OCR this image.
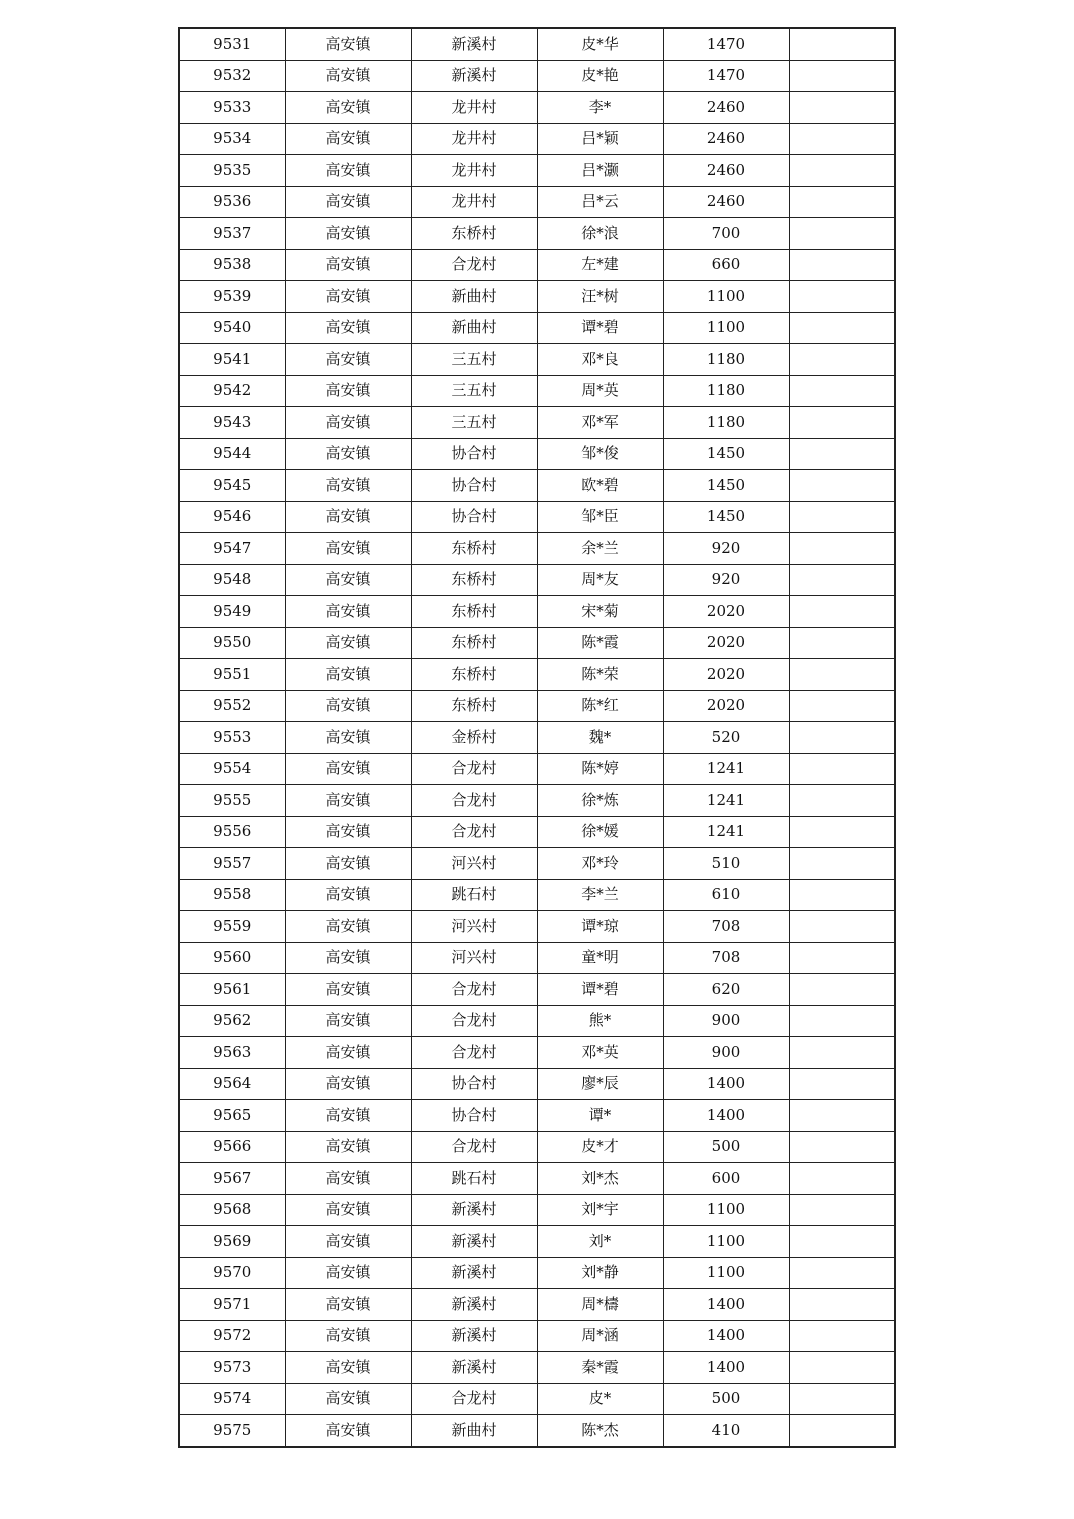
9531	高安镇	新溪村	皮*华	1470	
9532	高安镇	新溪村	皮*艳	1470	
9533	高安镇	龙井村	李*	2460	
9534	高安镇	龙井村	吕*颖	2460	
9535	高安镇	龙井村	吕*灏	2460	
9536	高安镇	龙井村	吕*云	2460	
9537	高安镇	东桥村	徐*浪	700	
9538	高安镇	合龙村	左*建	660	
9539	高安镇	新曲村	汪*树	1100	
9540	高安镇	新曲村	谭*碧	1100	
9541	高安镇	三五村	邓*良	1180	
9542	高安镇	三五村	周*英	1180	
9543	高安镇	三五村	邓*军	1180	
9544	高安镇	协合村	邹*俊	1450	
9545	高安镇	协合村	欧*碧	1450	
9546	高安镇	协合村	邹*臣	1450	
9547	高安镇	东桥村	余*兰	920	
9548	高安镇	东桥村	周*友	920	
9549	高安镇	东桥村	宋*菊	2020	
9550	高安镇	东桥村	陈*霞	2020	
9551	高安镇	东桥村	陈*荣	2020	
9552	高安镇	东桥村	陈*红	2020	
9553	高安镇	金桥村	魏*	520	
9554	高安镇	合龙村	陈*婷	1241	
9555	高安镇	合龙村	徐*炼	1241	
9556	高安镇	合龙村	徐*媛	1241	
9557	高安镇	河兴村	邓*玲	510	
9558	高安镇	跳石村	李*兰	610	
9559	高安镇	河兴村	谭*琼	708	
9560	高安镇	河兴村	童*明	708	
9561	高安镇	合龙村	谭*碧	620	
9562	高安镇	合龙村	熊*	900	
9563	高安镇	合龙村	邓*英	900	
9564	高安镇	协合村	廖*辰	1400	
9565	高安镇	协合村	谭*	1400	
9566	高安镇	合龙村	皮*才	500	
9567	高安镇	跳石村	刘*杰	600	
9568	高安镇	新溪村	刘*宇	1100	
9569	高安镇	新溪村	刘*	1100	
9570	高安镇	新溪村	刘*静	1100	
9571	高安镇	新溪村	周*檮	1400	
9572	高安镇	新溪村	周*涵	1400	
9573	高安镇	新溪村	秦*霞	1400	
9574	高安镇	合龙村	皮*	500	
9575	高安镇	新曲村	陈*杰	410	
